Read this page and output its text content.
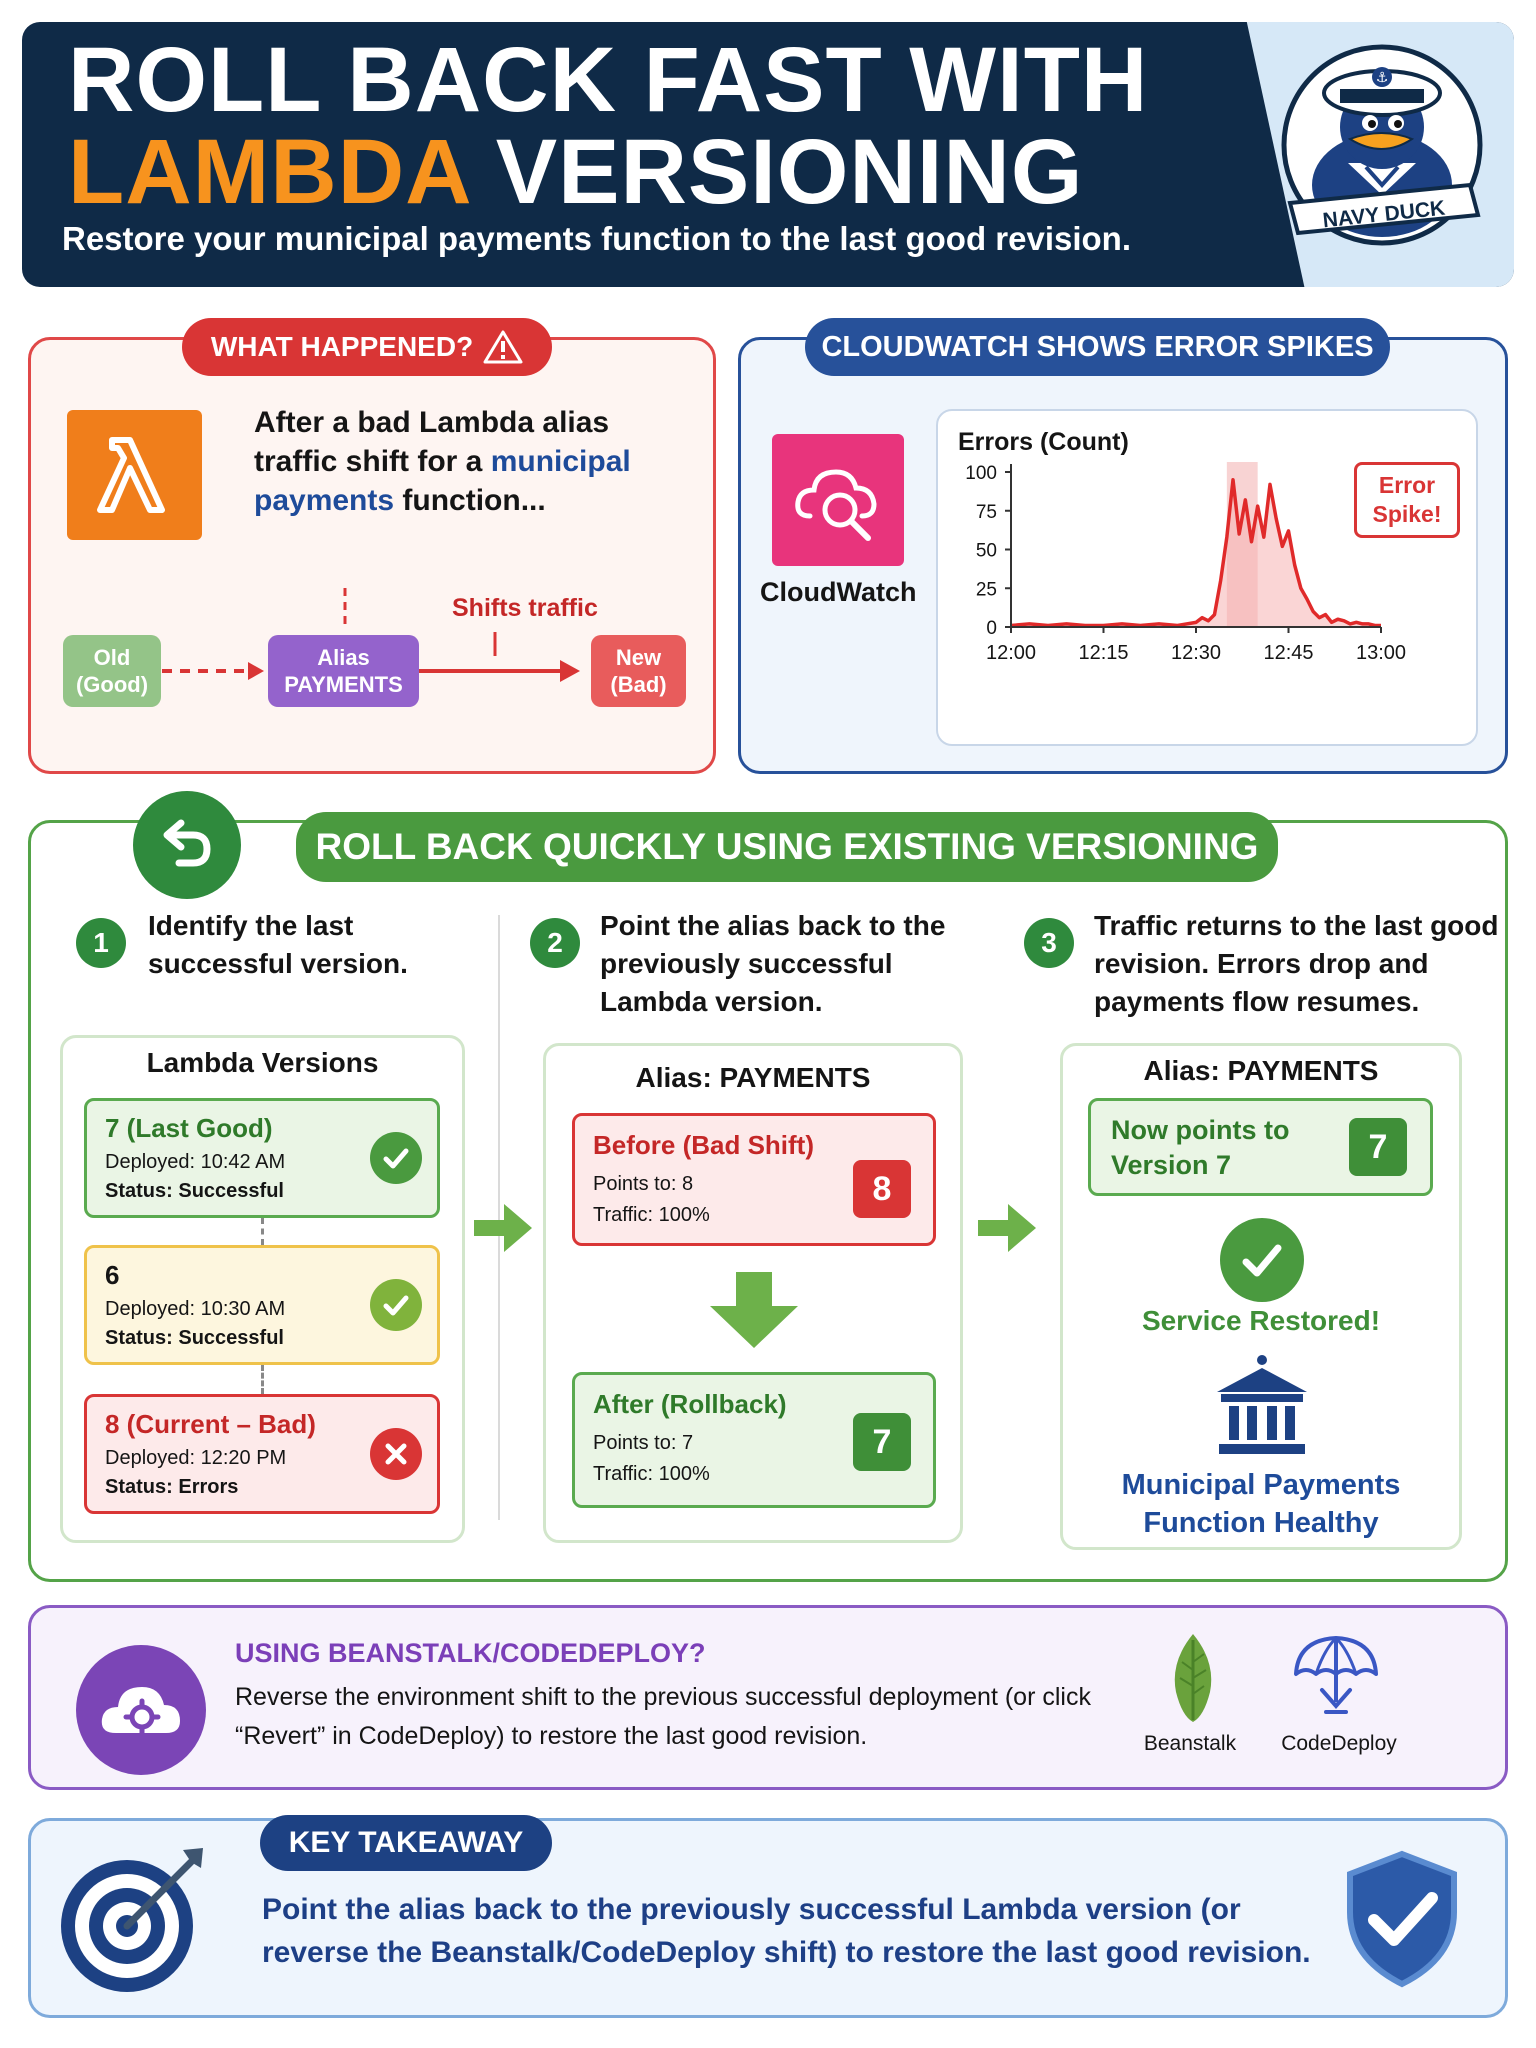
ROLL BACK FAST WITH
LAMBDA VERSIONING
Restore your municipal payments function to the last good revision.
⚓
NAVY DUCK
WHAT HAPPENED?
After a bad Lambda alias traffic shift for a municipal payments function...
Old
(Good)
Alias
PAYMENTS
New
(Bad)
Shifts traffic
CLOUDWATCH SHOWS ERROR SPIKES
CloudWatch
Errors (Count)
0
25
50
75
100
12:00 12:15 12:30 12:45 13:00
Error
Spike!
ROLL BACK QUICKLY USING EXISTING VERSIONING
1
Identify the last successful version.
2
Point the alias back to the previously successful Lambda version.
3
Traffic returns to the last good revision. Errors drop and payments flow resumes.
Lambda Versions
7 (Last Good)
Deployed: 10:42 AM
Status: Successful
6
Deployed: 10:30 AM
Status: Successful
8 (Current – Bad)
Deployed: 12:20 PM
Status: Errors
Alias: PAYMENTS
Before (Bad Shift)
Points to: 8
Traffic: 100%
8
After (Rollback)
Points to: 7
Traffic: 100%
7
Alias: PAYMENTS
Now points to Version 7	7
Service Restored!
Municipal Payments Function Healthy
USING BEANSTALK/CODEDEPLOY?
Reverse the environment shift to the previous successful deployment (or click “Revert” in CodeDeploy) to restore the last good revision.	Beanstalk	CodeDeploy
KEY TAKEAWAY
Point the alias back to the previously successful Lambda version (or reverse the Beanstalk/CodeDeploy shift) to restore the last good revision.
